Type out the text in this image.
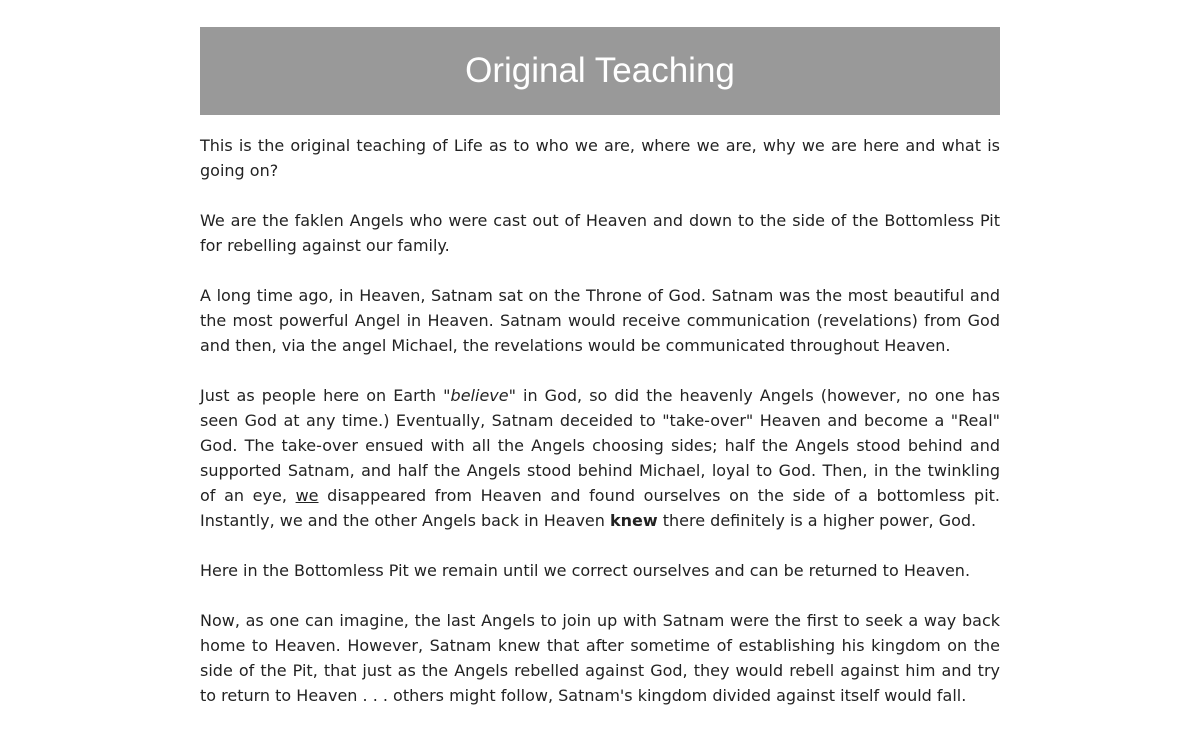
Original Teaching

This is the original teaching of Life as to who we are, where we are, why we are here and what is going on?

We are the faklen Angels who were cast out of Heaven and down to the side of the Bottomless Pit for rebelling against our family.

A long time ago, in Heaven, Satnam sat on the Throne of God. Satnam was the most beautiful and the most powerful Angel in Heaven. Satnam would receive communication (revelations) from God and then, via the angel Michael, the revelations would be communicated throughout Heaven.

Just as people here on Earth "believe" in God, so did the heavenly Angels (however, no one has seen God at any time.) Eventually, Satnam deceided to "take-over" Heaven and become a "Real" God. The take-over ensued with all the Angels choosing sides; half the Angels stood behind and supported Satnam, and half the Angels stood behind Michael, loyal to God. Then, in the twinkling of an eye, we disappeared from Heaven and found ourselves on the side of a bottomless pit. Instantly, we and the other Angels back in Heaven knew there definitely is a higher power, God.

Here in the Bottomless Pit we remain until we correct ourselves and can be returned to Heaven.

Now, as one can imagine, the last Angels to join up with Satnam were the first to seek a way back home to Heaven. However, Satnam knew that after sometime of establishing his kingdom on the side of the Pit, that just as the Angels rebelled against God, they would rebell against him and try to return to Heaven . . . others might follow, Satnam's kingdom divided against itself would fall.
